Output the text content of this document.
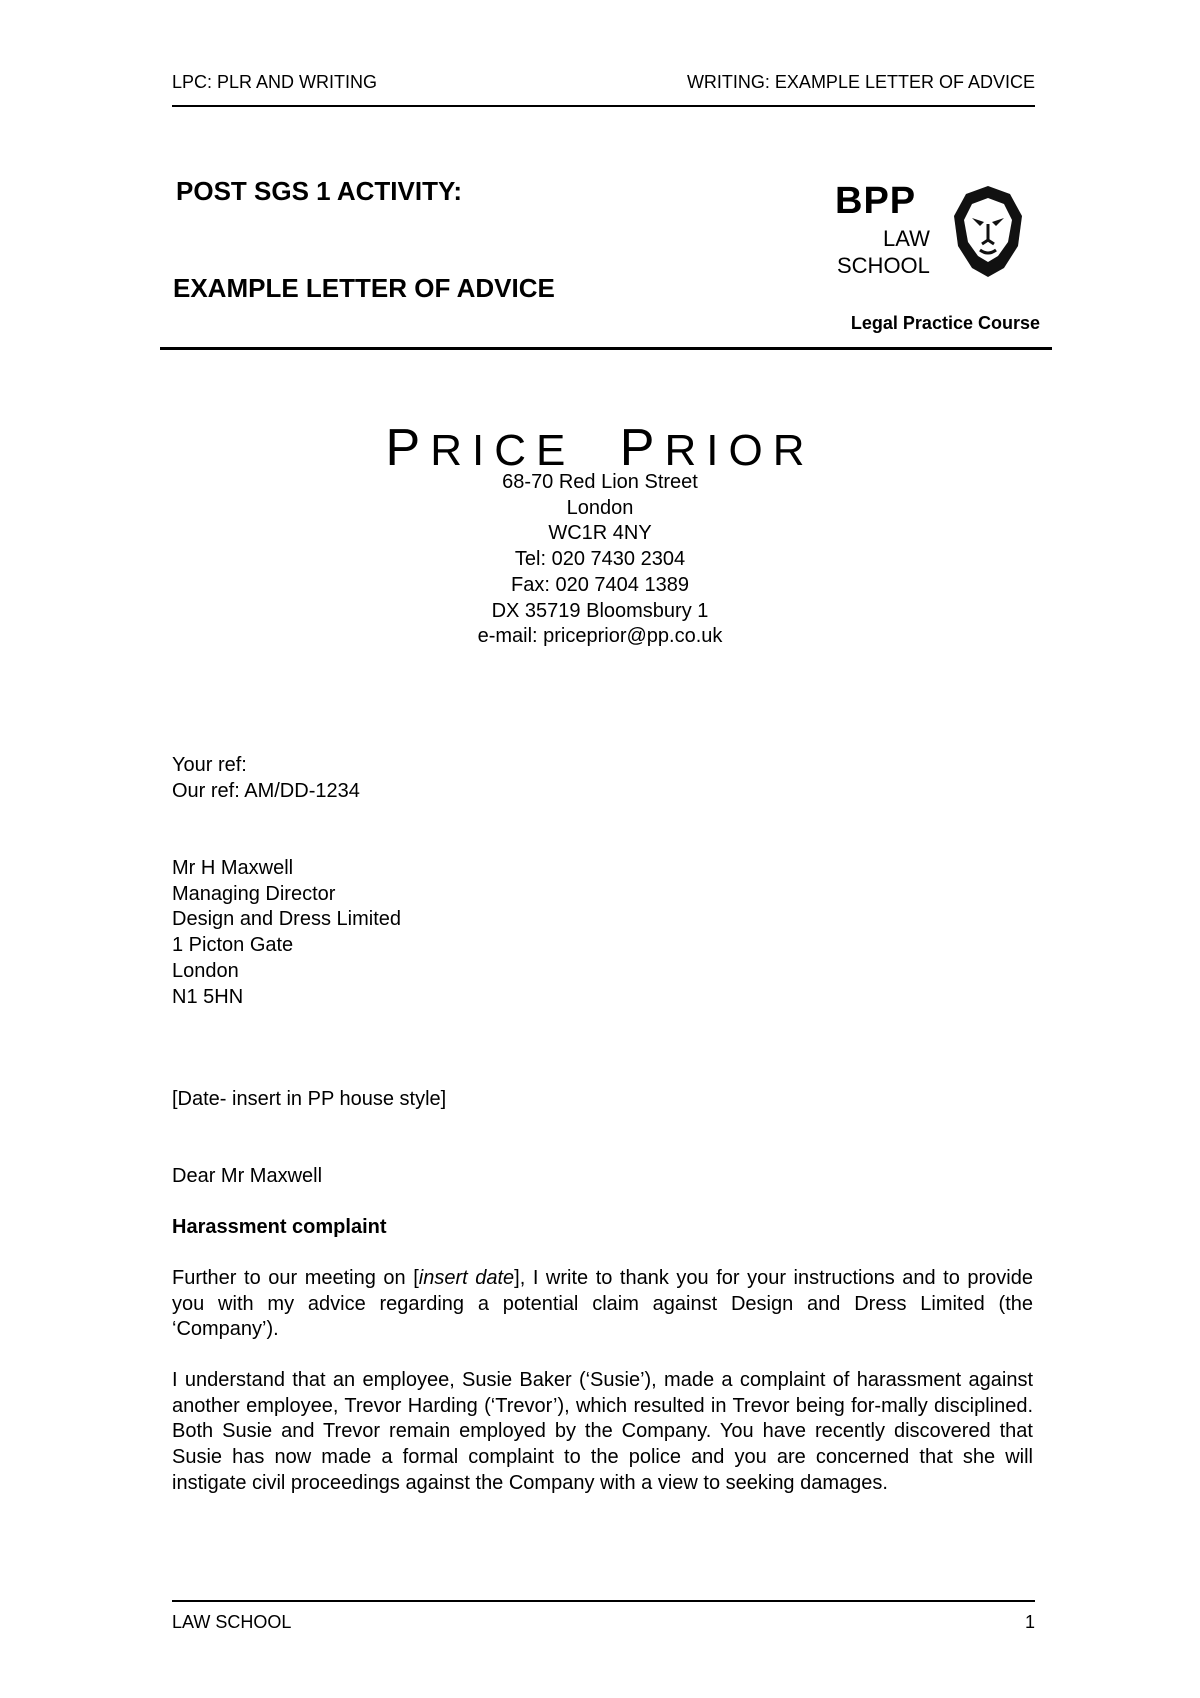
LPC: PLR AND WRITING	WRITING: EXAMPLE LETTER OF ADVICE
POST SGS 1 ACTIVITY:
EXAMPLE LETTER OF ADVICE
BPP
LAW
SCHOOL
Legal Practice Course
PRICE PRIOR
68-70 Red Lion Street
London
WC1R 4NY
Tel: 020 7430 2304
Fax: 020 7404 1389
DX 35719 Bloomsbury 1
e-mail: priceprior@pp.co.uk
Your ref:
Our ref: AM/DD-1234
Mr H Maxwell
Managing Director
Design and Dress Limited
1 Picton Gate
London
N1 5HN
[Date- insert in PP house style]
Dear Mr Maxwell
Harassment complaint
Further to our meeting on [insert date], I write to thank you for your instructions and to provide you with my advice regarding a potential claim against Design and Dress Limited (the ‘Company’).
I understand that an employee, Susie Baker (‘Susie’), made a complaint of harassment against another employee, Trevor Harding (‘Trevor’), which resulted in Trevor being for-mally disciplined. Both Susie and Trevor remain employed by the Company. You have recently discovered that Susie has now made a formal complaint to the police and you are concerned that she will instigate civil proceedings against the Company with a view to seeking damages.
LAW SCHOOL	1
